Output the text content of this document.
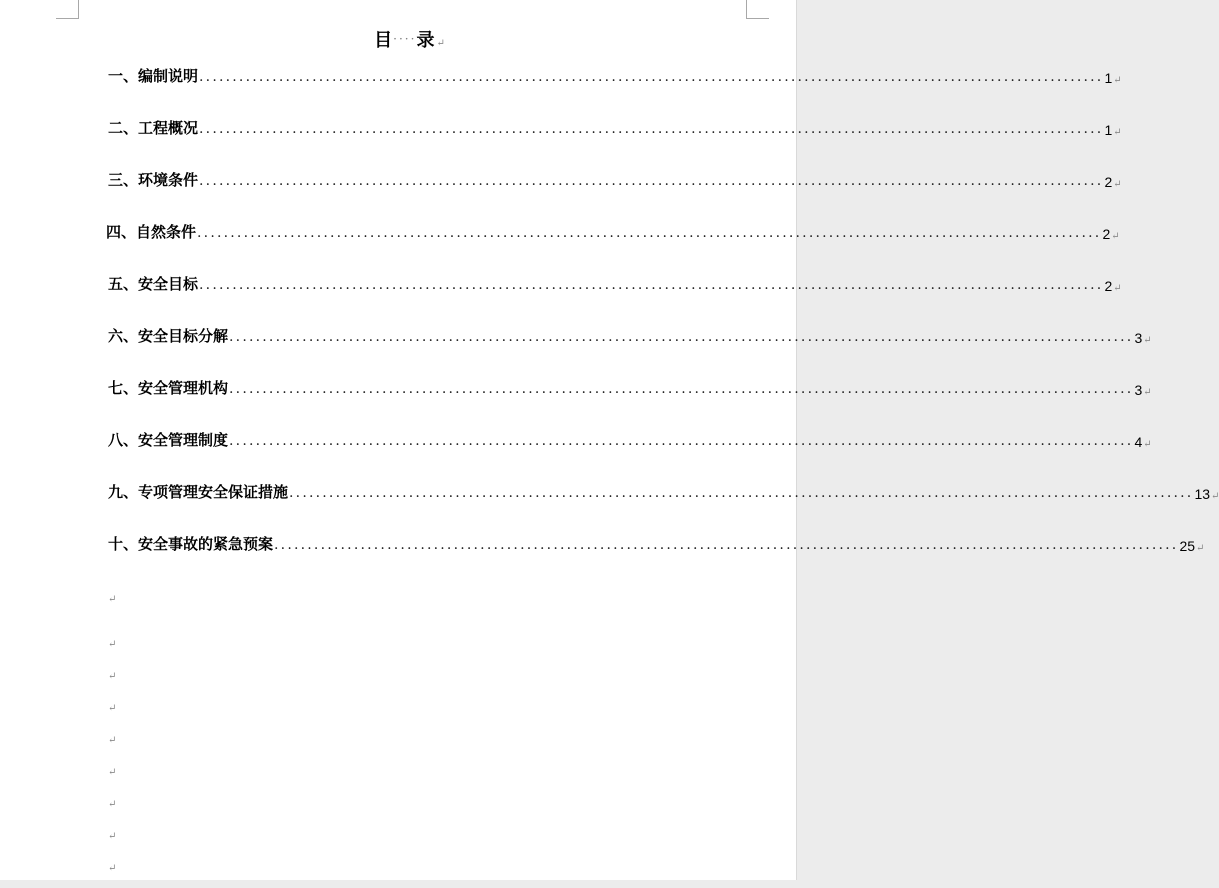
目····录↵
一、编制说明 ........................................................................................................................................ 1 ↵
二、工程概况 ........................................................................................................................................ 1 ↵
三、环境条件 ........................................................................................................................................ 2 ↵
四、自然条件 ........................................................................................................................................ 2 ↵
五、安全目标 ........................................................................................................................................ 2 ↵
六、安全目标分解 ........................................................................................................................................ 3 ↵
七、安全管理机构 ........................................................................................................................................ 3 ↵
八、安全管理制度 ........................................................................................................................................ 4 ↵
九、专项管理安全保证措施 ........................................................................................................................................ 13 ↵
十、安全事故的紧急预案 ........................................................................................................................................ 25 ↵
↵
↵
↵
↵
↵
↵
↵
↵
↵
